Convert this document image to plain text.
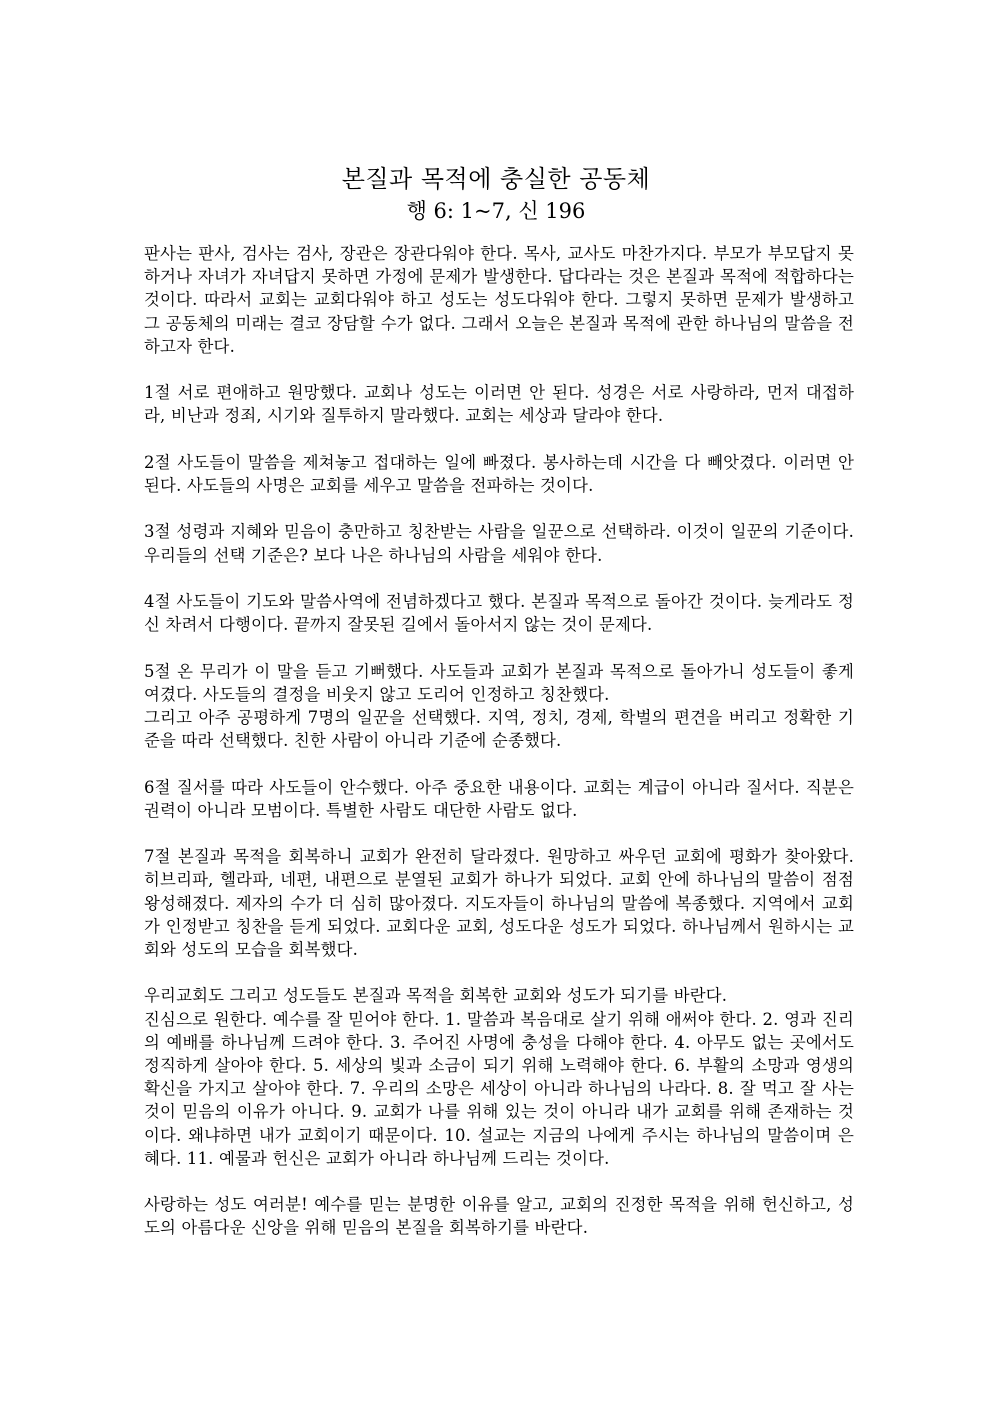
본질과 목적에 충실한 공동체
행 6: 1~7, 신 196

판사는 판사, 검사는 검사, 장관은 장관다워야 한다. 목사, 교사도 마찬가지다. 부모가 부모답지 못하거나 자녀가 자녀답지 못하면 가정에 문제가 발생한다. 답다라는 것은 본질과 목적에 적합하다는 것이다. 따라서 교회는 교회다워야 하고 성도는 성도다워야 한다. 그렇지 못하면 문제가 발생하고 그 공동체의 미래는 결코 장담할 수가 없다. 그래서 오늘은 본질과 목적에 관한 하나님의 말씀을 전하고자 한다.

1절 서로 편애하고 원망했다. 교회나 성도는 이러면 안 된다. 성경은 서로 사랑하라, 먼저 대접하라, 비난과 정죄, 시기와 질투하지 말라했다. 교회는 세상과 달라야 한다.

2절 사도들이 말씀을 제쳐놓고 접대하는 일에 빠졌다. 봉사하는데 시간을 다 빼앗겼다. 이러면 안 된다. 사도들의 사명은 교회를 세우고 말씀을 전파하는 것이다.

3절 성령과 지혜와 믿음이 충만하고 칭찬받는 사람을 일꾼으로 선택하라. 이것이 일꾼의 기준이다. 우리들의 선택 기준은? 보다 나은 하나님의 사람을 세워야 한다.

4절 사도들이 기도와 말씀사역에 전념하겠다고 했다. 본질과 목적으로 돌아간 것이다. 늦게라도 정신 차려서 다행이다. 끝까지 잘못된 길에서 돌아서지 않는 것이 문제다.

5절 온 무리가 이 말을 듣고 기뻐했다. 사도들과 교회가 본질과 목적으로 돌아가니 성도들이 좋게 여겼다. 사도들의 결정을 비웃지 않고 도리어 인정하고 칭찬했다.
그리고 아주 공평하게 7명의 일꾼을 선택했다. 지역, 정치, 경제, 학벌의 편견을 버리고 정확한 기준을 따라 선택했다. 친한 사람이 아니라 기준에 순종했다.

6절 질서를 따라 사도들이 안수했다. 아주 중요한 내용이다. 교회는 계급이 아니라 질서다. 직분은 권력이 아니라 모범이다. 특별한 사람도 대단한 사람도 없다.

7절 본질과 목적을 회복하니 교회가 완전히 달라졌다. 원망하고 싸우던 교회에 평화가 찾아왔다. 히브리파, 헬라파, 네편, 내편으로 분열된 교회가 하나가 되었다. 교회 안에 하나님의 말씀이 점점 왕성해졌다. 제자의 수가 더 심히 많아졌다. 지도자들이 하나님의 말씀에 복종했다. 지역에서 교회가 인정받고 칭찬을 듣게 되었다. 교회다운 교회, 성도다운 성도가 되었다. 하나님께서 원하시는 교회와 성도의 모습을 회복했다.

우리교회도 그리고 성도들도 본질과 목적을 회복한 교회와 성도가 되기를 바란다.
진심으로 원한다. 예수를 잘 믿어야 한다. 1. 말씀과 복음대로 살기 위해 애써야 한다. 2. 영과 진리의 예배를 하나님께 드려야 한다. 3. 주어진 사명에 충성을 다해야 한다. 4. 아무도 없는 곳에서도 정직하게 살아야 한다. 5. 세상의 빛과 소금이 되기 위해 노력해야 한다. 6. 부활의 소망과 영생의 확신을 가지고 살아야 한다. 7. 우리의 소망은 세상이 아니라 하나님의 나라다. 8. 잘 먹고 잘 사는 것이 믿음의 이유가 아니다. 9. 교회가 나를 위해 있는 것이 아니라 내가 교회를 위해 존재하는 것이다. 왜냐하면 내가 교회이기 때문이다. 10. 설교는 지금의 나에게 주시는 하나님의 말씀이며 은혜다. 11. 예물과 헌신은 교회가 아니라 하나님께 드리는 것이다.

사랑하는 성도 여러분! 예수를 믿는 분명한 이유를 알고, 교회의 진정한 목적을 위해 헌신하고, 성도의 아름다운 신앙을 위해 믿음의 본질을 회복하기를 바란다.
